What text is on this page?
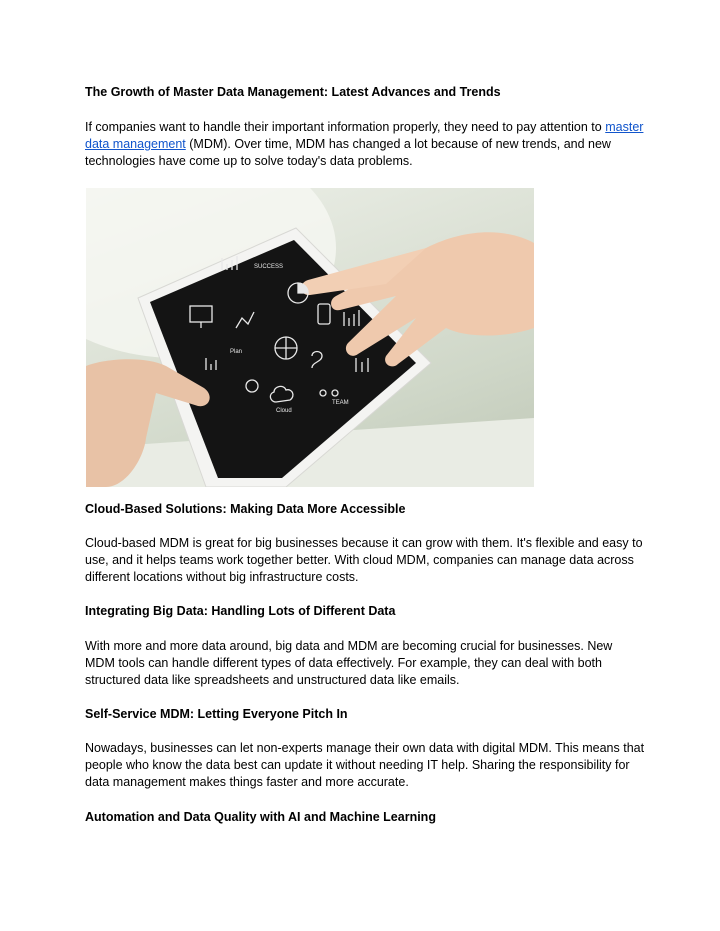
The Growth of Master Data Management: Latest Advances and Trends

If companies want to handle their important information properly, they need to pay attention to master data management (MDM). Over time, MDM has changed a lot because of new trends, and new technologies have come up to solve today's data problems.

SUCCESS
Plan
Cloud
TEAM
Cloud-Based Solutions: Making Data More Accessible

Cloud-based MDM is great for big businesses because it can grow with them. It's flexible and easy to use, and it helps teams work together better. With cloud MDM, companies can manage data across different locations without big infrastructure costs.

Integrating Big Data: Handling Lots of Different Data

With more and more data around, big data and MDM are becoming crucial for businesses. New MDM tools can handle different types of data effectively. For example, they can deal with both structured data like spreadsheets and unstructured data like emails.

Self-Service MDM: Letting Everyone Pitch In

Nowadays, businesses can let non-experts manage their own data with digital MDM. This means that people who know the data best can update it without needing IT help. Sharing the responsibility for data management makes things faster and more accurate.

Automation and Data Quality with AI and Machine Learning
